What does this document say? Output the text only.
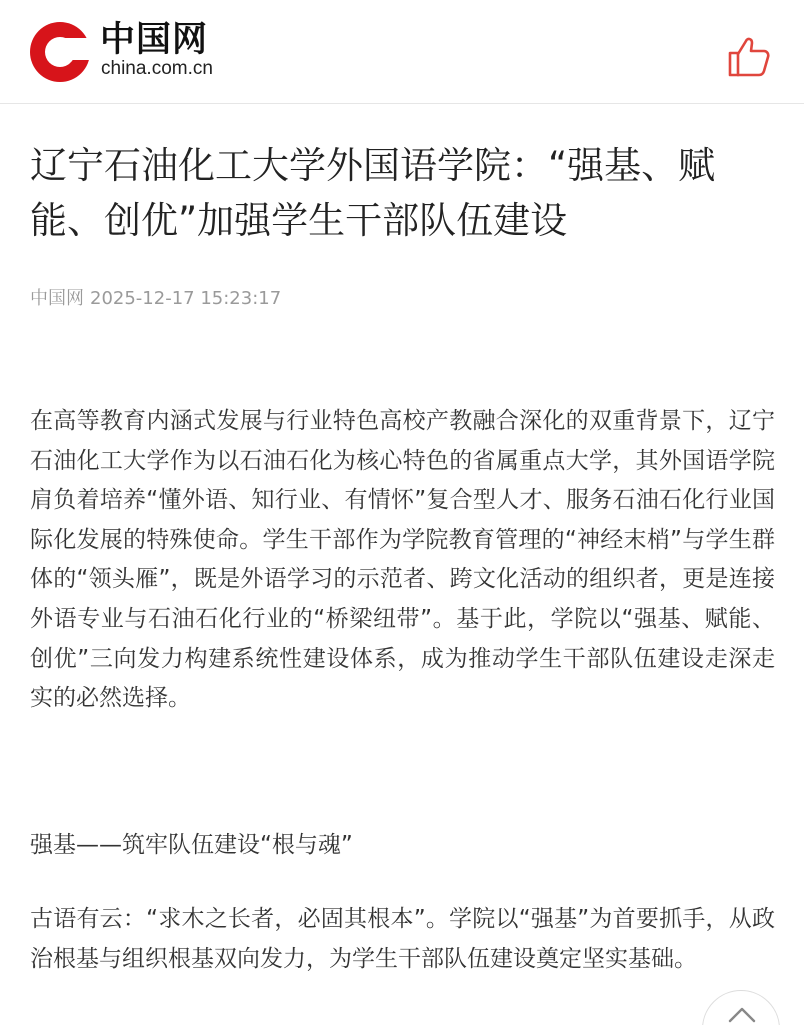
中国网
china.com.cn
辽宁石油化工大学外国语学院：“强基、赋能、创优”加强学生干部队伍建设
中国网 2025-12-17 15:23:17

在高等教育内涵式发展与行业特色高校产教融合深化的双重背景下，辽宁石油化工大学作为以石油石化为核心特色的省属重点大学，其外国语学院肩负着培养“懂外语、知行业、有情怀”复合型人才、服务石油石化行业国际化发展的特殊使命。学生干部作为学院教育管理的“神经末梢”与学生群体的“领头雁”，既是外语学习的示范者、跨文化活动的组织者，更是连接外语专业与石油石化行业的“桥梁纽带”。基于此，学院以“强基、赋能、创优”三向发力构建系统性建设体系，成为推动学生干部队伍建设走深走实的必然选择。

强基——筑牢队伍建设“根与魂”

古语有云：“求木之长者，必固其根本”。学院以“强基”为首要抓手，从政治根基与组织根基双向发力，为学生干部队伍建设奠定坚实基础。
